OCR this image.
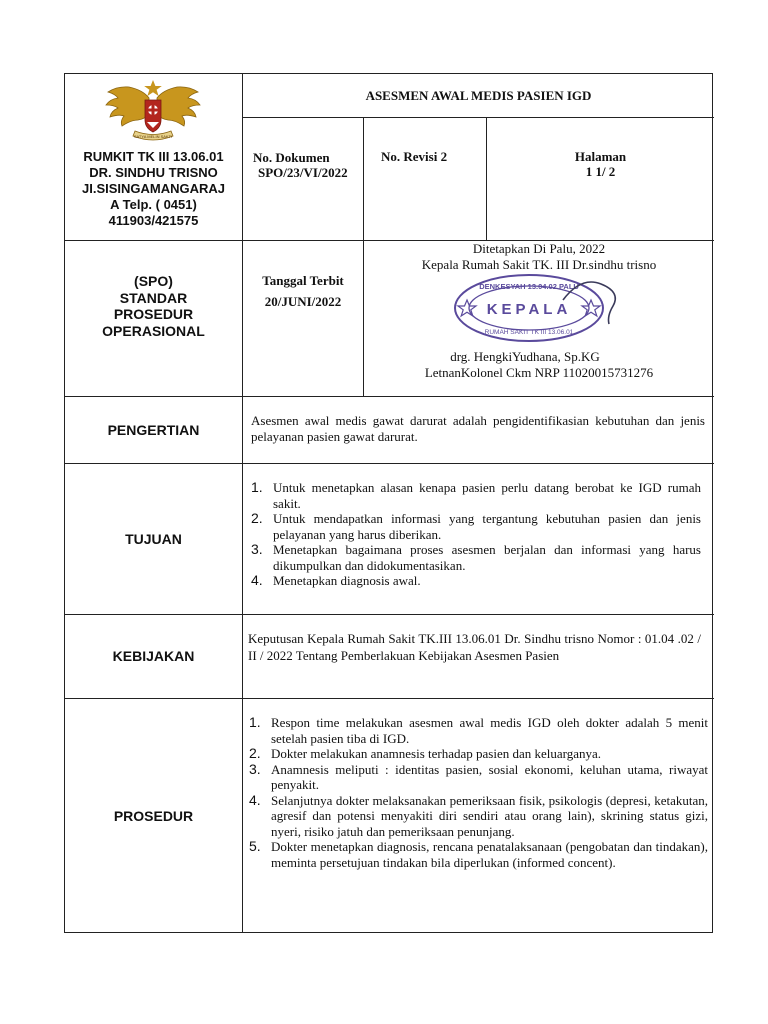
SATYA MELIN SAKTI
RUMKIT TK III 13.06.01
DR. SINDHU TRISNO
JI.SISINGAMANGARAJ
A Telp. ( 0451)
411903/421575
ASESMEN AWAL MEDIS PASIEN IGD
No. Dokumen
SPO/23/VI/2022
No. Revisi 2	Halaman
1 1/ 2
(SPO)
STANDAR
PROSEDUR
OPERASIONAL
Tanggal Terbit
20/JUNI/2022
Ditetapkan Di Palu, 2022
Kepala Rumah Sakit TK. III Dr.sindhu trisno
DENKESYAH 13.04.02 PALU
KEPALA
RUMAH SAKIT TK III 13.06.01
drg. HengkiYudhana, Sp.KG
LetnanKolonel Ckm NRP 11020015731276
PENGERTIAN
Asesmen awal medis gawat darurat adalah pengidentifikasian kebutuhan dan jenis pelayanan pasien gawat darurat.
TUJUAN
1. Untuk menetapkan alasan kenapa pasien perlu datang berobat ke IGD rumah sakit.
2. Untuk mendapatkan informasi yang tergantung kebutuhan pasien dan jenis pelayanan yang harus diberikan.
3. Menetapkan bagaimana proses asesmen berjalan dan informasi yang harus dikumpulkan dan didokumentasikan.
4. Menetapkan diagnosis awal.
KEBIJAKAN
Keputusan Kepala Rumah Sakit TK.III 13.06.01 Dr. Sindhu trisno Nomor : 01.04 .02 / II / 2022 Tentang Pemberlakuan Kebijakan Asesmen Pasien
PROSEDUR
1. Respon time melakukan asesmen awal medis IGD oleh dokter adalah 5 menit setelah pasien tiba di IGD.
2. Dokter melakukan anamnesis terhadap pasien dan keluarganya.
3. Anamnesis meliputi : identitas pasien, sosial ekonomi, keluhan utama, riwayat penyakit.
4. Selanjutnya dokter melaksanakan pemeriksaan fisik, psikologis (depresi, ketakutan, agresif dan potensi menyakiti diri sendiri atau orang lain), skrining status gizi, nyeri, risiko jatuh dan pemeriksaan penunjang.
5. Dokter menetapkan diagnosis, rencana penatalaksanaan (pengobatan dan tindakan), meminta persetujuan tindakan bila diperlukan (informed concent).
